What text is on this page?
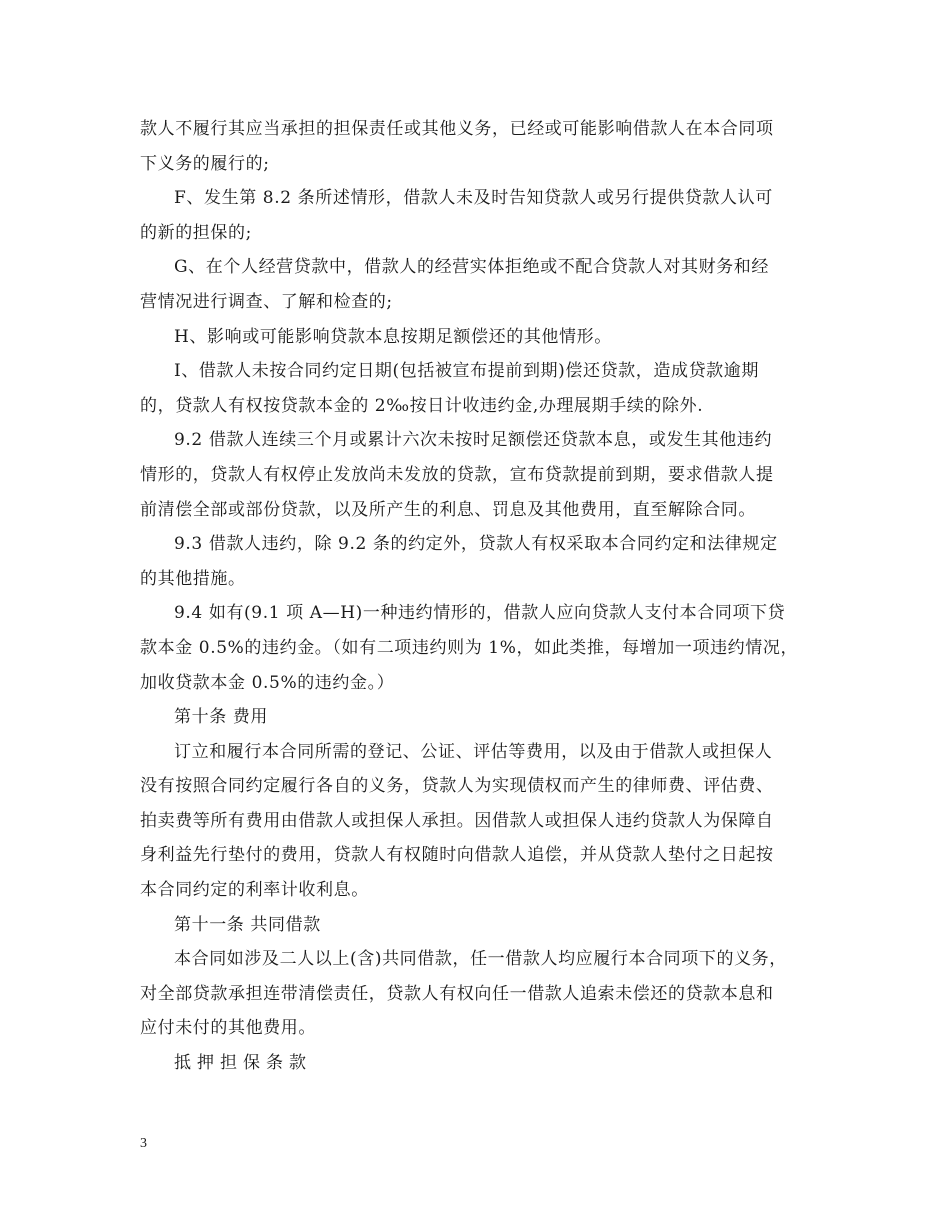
款人不履行其应当承担的担保责任或其他义务，已经或可能影响借款人在本合同项
下义务的履行的;
F、发生第 8.2 条所述情形，借款人未及时告知贷款人或另行提供贷款人认可
的新的担保的;
G、在个人经营贷款中，借款人的经营实体拒绝或不配合贷款人对其财务和经
营情况进行调查、了解和检查的;
H、影响或可能影响贷款本息按期足额偿还的其他情形。
I、借款人未按合同约定日期(包括被宣布提前到期)偿还贷款，造成贷款逾期
的，贷款人有权按贷款本金的 2‰按日计收违约金,办理展期手续的除外.
9.2 借款人连续三个月或累计六次未按时足额偿还贷款本息，或发生其他违约
情形的，贷款人有权停止发放尚未发放的贷款，宣布贷款提前到期，要求借款人提
前清偿全部或部份贷款，以及所产生的利息、罚息及其他费用，直至解除合同。
9.3 借款人违约，除 9.2 条的约定外，贷款人有权采取本合同约定和法律规定
的其他措施。
9.4 如有(9.1 项 A—H)一种违约情形的，借款人应向贷款人支付本合同项下贷
款本金 0.5%的违约金。（如有二项违约则为 1%，如此类推，每增加一项违约情况，
加收贷款本金 0.5%的违约金。）
第十条 费用
订立和履行本合同所需的登记、公证、评估等费用，以及由于借款人或担保人
没有按照合同约定履行各自的义务，贷款人为实现债权而产生的律师费、评估费、
拍卖费等所有费用由借款人或担保人承担。因借款人或担保人违约贷款人为保障自
身利益先行垫付的费用，贷款人有权随时向借款人追偿，并从贷款人垫付之日起按
本合同约定的利率计收利息。
第十一条 共同借款
本合同如涉及二人以上(含)共同借款，任一借款人均应履行本合同项下的义务，
对全部贷款承担连带清偿责任，贷款人有权向任一借款人追索未偿还的贷款本息和
应付未付的其他费用。
抵押担保条款
3
